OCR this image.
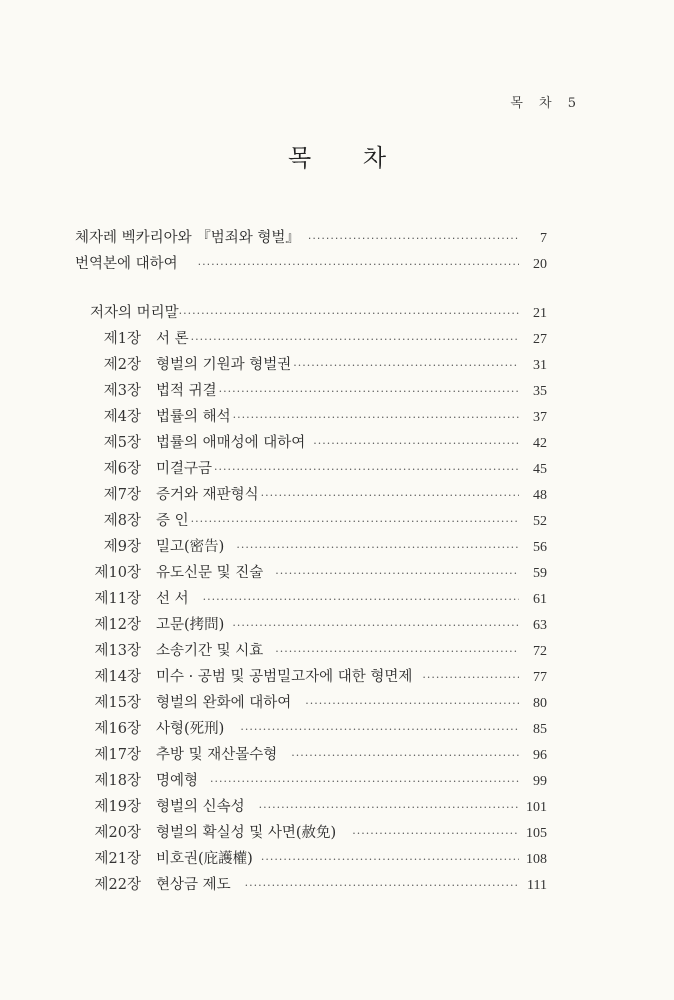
목 차 5
목 차
체자레 벡카리아와 『범죄와 형벌』 ·····	7
번역본에 대하여 ·····	20
저자의 머리말 ·····	21
제1장 서 론 ·····	27
제2장 형벌의 기원과 형벌권 ·····	31
제3장 법적 귀결 ·····	35
제4장 법률의 해석 ·····	37
제5장 법률의 애매성에 대하여 ·····	42
제6장 미결구금 ·····	45
제7장 증거와 재판형식 ·····	48
제8장 증 인 ·····	52
제9장 밀고(密告) ·····	56
제10장 유도신문 및 진술 ·····	59
제11장 선 서 ·····	61
제12장 고문(拷問) ·····	63
제13장 소송기간 및 시효 ·····	72
제14장 미수 · 공범 및 공범밀고자에 대한 형면제 ·····	77
제15장 형벌의 완화에 대하여 ·····	80
제16장 사형(死刑) ·····	85
제17장 추방 및 재산몰수형 ·····	96
제18장 명예형 ·····	99
제19장 형벌의 신속성 ·····	101
제20장 형벌의 확실성 및 사면(赦免) ·····	105
제21장 비호권(庇護權) ·····	108
제22장 현상금 제도 ·····	111
